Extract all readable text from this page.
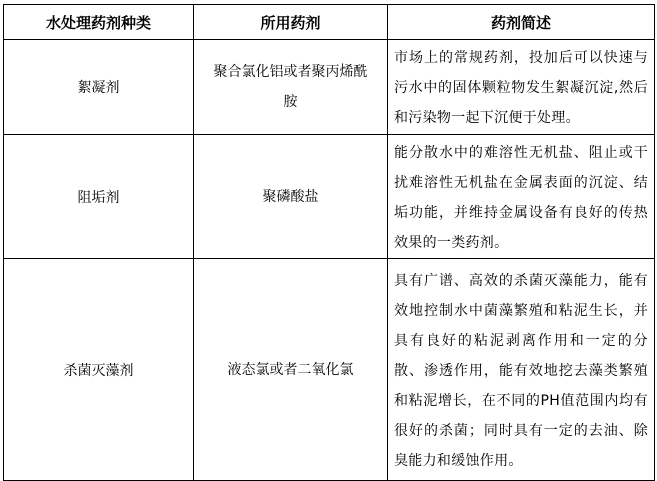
水处理药剂种类	所用药剂	药剂简述
絮凝剂	聚合氯化铝或者聚丙烯酰胺	市场上的常规药剂，投加后可以快速与污水中的固体颗粒物发生絮凝沉淀,然后和污染物一起下沉便于处理。
阻垢剂	聚磷酸盐	能分散水中的难溶性无机盐、阻止或干扰难溶性无机盐在金属表面的沉淀、结垢功能，并维持金属设备有良好的传热效果的一类药剂。
杀菌灭藻剂	液态氯或者二氧化氯	具有广谱、高效的杀菌灭藻能力，能有效地控制水中菌藻繁殖和粘泥生长，并具有良好的粘泥剥离作用和一定的分散、渗透作用，能有效地挖去藻类繁殖和粘泥增长，在不同的PH值范围内均有很好的杀菌；同时具有一定的去油、除臭能力和缓蚀作用。
